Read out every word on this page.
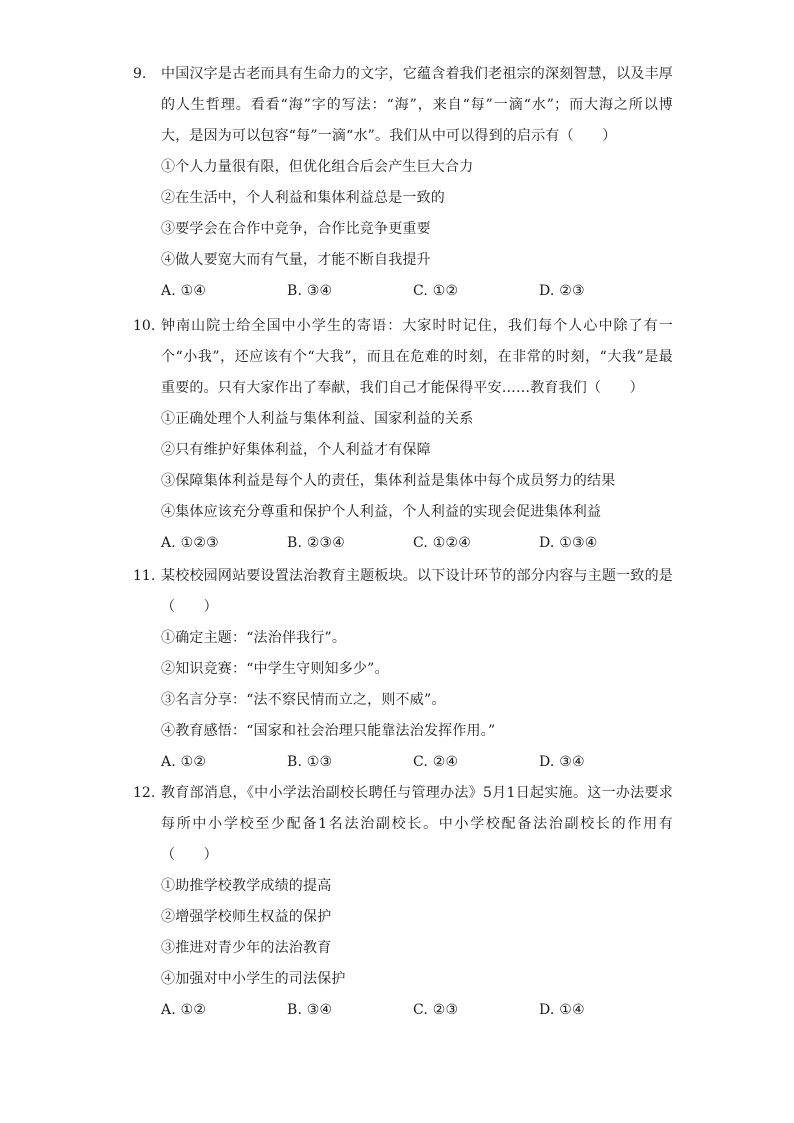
9. 中国汉字是古老而具有生命力的文字，它蕴含着我们老祖宗的深刻智慧，以及丰厚的人生哲理。看看“海”字的写法：“海”，来自“每”一滴“水”；而大海之所以博大，是因为可以包容“每”一滴“水”。我们从中可以得到的启示有（　　）
①个人力量很有限，但优化组合后会产生巨大合力
②在生活中，个人利益和集体利益总是一致的
③要学会在合作中竞争，合作比竞争更重要
④做人要宽大而有气量，才能不断自我提升
A. ①④	B. ③④	C. ①②	D. ②③
10. 钟南山院士给全国中小学生的寄语：大家时时记住，我们每个人心中除了有一个“小我”，还应该有个“大我”，而且在危难的时刻，在非常的时刻，“大我”是最重要的。只有大家作出了奉献，我们自己才能保得平安……教育我们（　　）
①正确处理个人利益与集体利益、国家利益的关系
②只有维护好集体利益，个人利益才有保障
③保障集体利益是每个人的责任，集体利益是集体中每个成员努力的结果
④集体应该充分尊重和保护个人利益，个人利益的实现会促进集体利益
A. ①②③	B. ②③④	C. ①②④	D. ①③④
11. 某校校园网站要设置法治教育主题板块。以下设计环节的部分内容与主题一致的是（　　）
①确定主题：“法治伴我行”。
②知识竞赛：“中学生守则知多少”。
③名言分享：“法不察民情而立之，则不威”。
④教育感悟：“国家和社会治理只能靠法治发挥作用。”
A. ①②	B. ①③	C. ②④	D. ③④
12. 教育部消息，《中小学法治副校长聘任与管理办法》5月1日起实施。这一办法要求每所中小学校至少配备1名法治副校长。中小学校配备法治副校长的作用有（　　）
①助推学校教学成绩的提高
②增强学校师生权益的保护
③推进对青少年的法治教育
④加强对中小学生的司法保护
A. ①②	B. ③④	C. ②③	D. ①④
